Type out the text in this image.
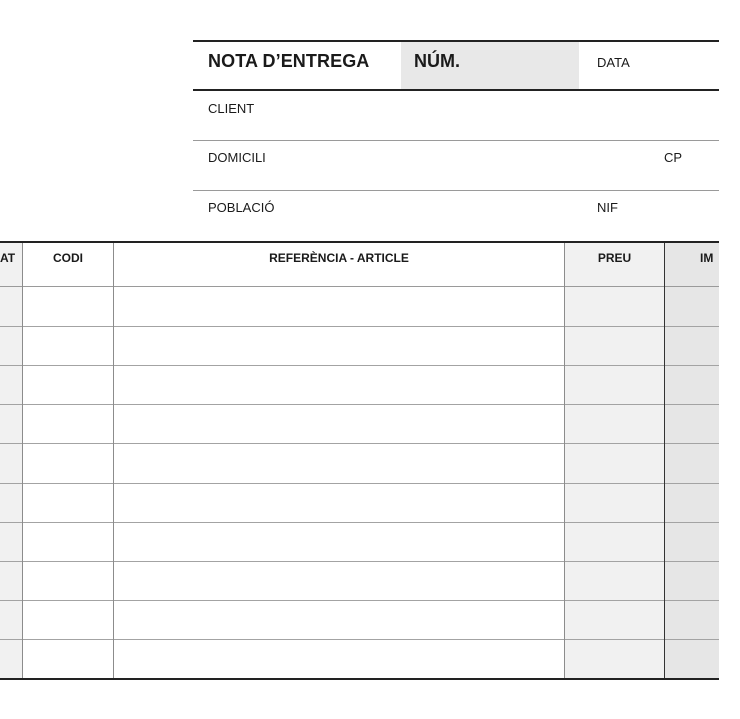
NOTA D’ENTREGA NÚM.	DATA
CLIENT
DOMICILI	CP
POBLACIÓ	NIF
AT	CODI	REFERÈNCIA - ARTICLE	PREU	IM
